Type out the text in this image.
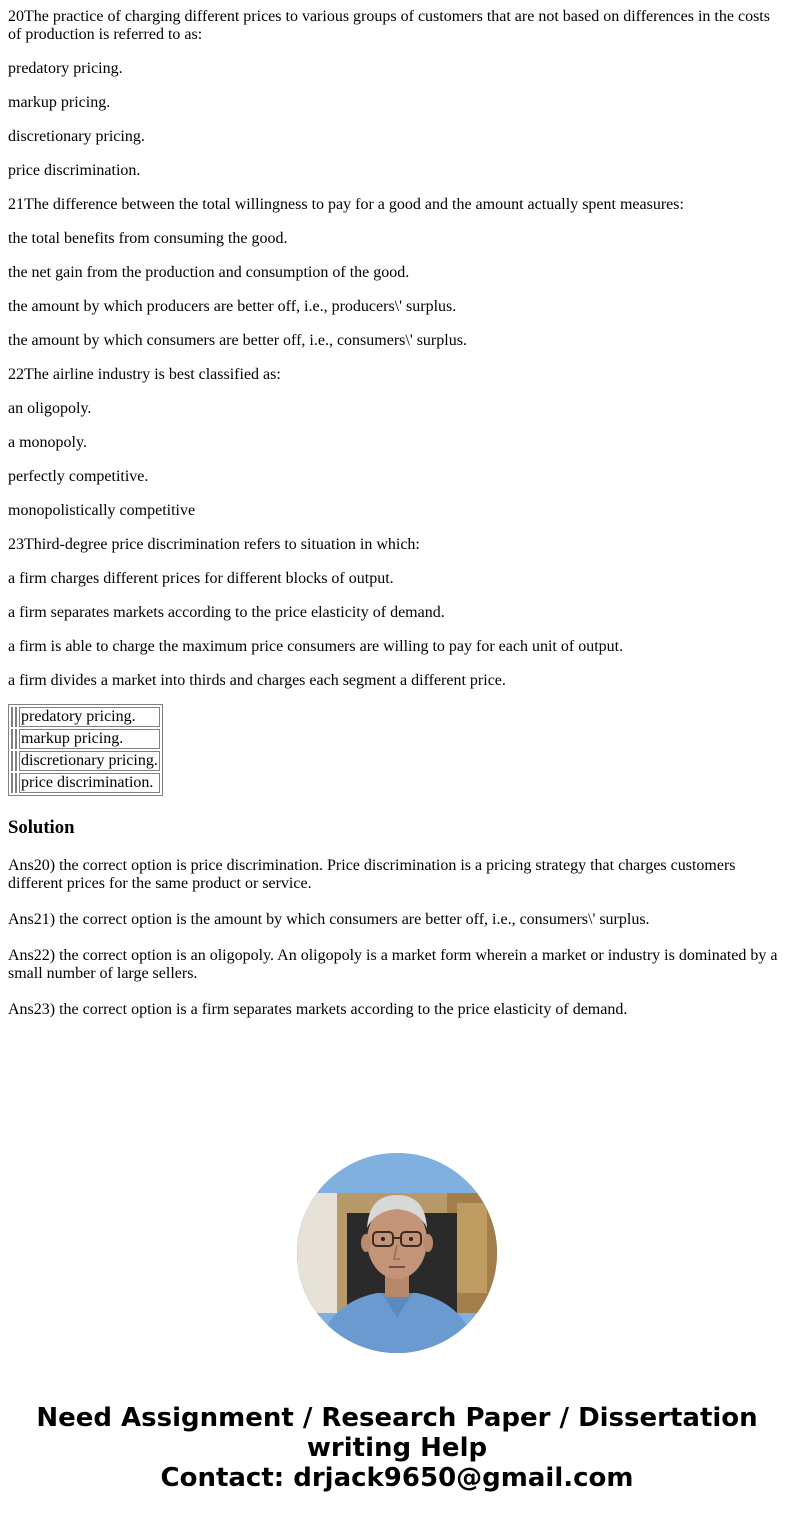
20The practice of charging different prices to various groups of customers that are not based on differences in the costs of production is referred to as:

predatory pricing.

markup pricing.

discretionary pricing.

price discrimination.

21The difference between the total willingness to pay for a good and the amount actually spent measures:

the total benefits from consuming the good.

the net gain from the production and consumption of the good.

the amount by which producers are better off, i.e., producers\' surplus.

the amount by which consumers are better off, i.e., consumers\' surplus.

22The airline industry is best classified as:

an oligopoly.

a monopoly.

perfectly competitive.

monopolistically competitive

23Third-degree price discrimination refers to situation in which:

a firm charges different prices for different blocks of output.

a firm separates markets according to the price elasticity of demand.

a firm is able to charge the maximum price consumers are willing to pay for each unit of output.

a firm divides a market into thirds and charges each segment a different price.

		predatory pricing.
		markup pricing.
		discretionary pricing.
		price discrimination.
Solution

Ans20) the correct option is price discrimination. Price discrimination is a pricing strategy that charges customers different prices for the same product or service.

Ans21) the correct option is the amount by which consumers are better off, i.e., consumers\' surplus.

Ans22) the correct option is an oligopoly. An oligopoly is a market form wherein a market or industry is dominated by a small number of large sellers.

Ans23) the correct option is a firm separates markets according to the price elasticity of demand.

Need Assignment / Research Paper / Dissertation
writing Help
Contact: drjack9650@gmail.com
